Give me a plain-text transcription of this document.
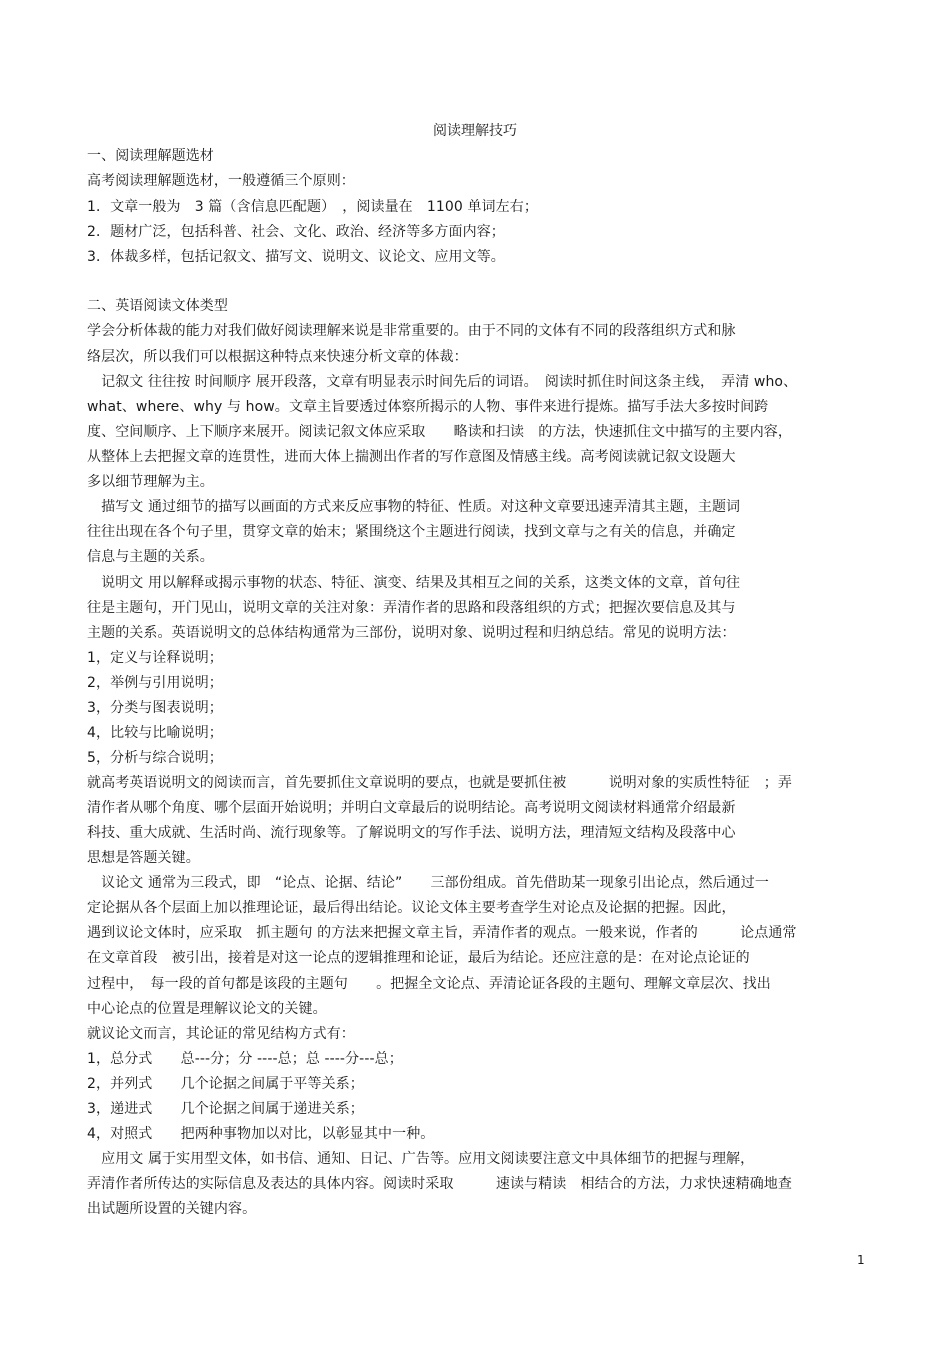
阅读理解技巧
一、阅读理解题选材
高考阅读理解题选材，一般遵循三个原则：
1．文章一般为　3 篇（含信息匹配题）　，阅读量在　1100 单词左右；
2．题材广泛，包括科普、社会、文化、政治、经济等多方面内容；
3．体裁多样，包括记叙文、描写文、说明文、议论文、应用文等。
二、英语阅读文体类型
学会分析体裁的能力对我们做好阅读理解来说是非常重要的。由于不同的文体有不同的段落组织方式和脉
络层次，所以我们可以根据这种特点来快速分析文章的体裁：
　记叙文 往往按 时间顺序 展开段落，文章有明显表示时间先后的词语。　阅读时抓住时间这条主线，　弄清 who、
what、where、why 与 how。文章主旨要透过体察所揭示的人物、事件来进行提炼。描写手法大多按时间跨
度、空间顺序、上下顺序来展开。阅读记叙文体应采取　　略读和扫读　的方法，快速抓住文中描写的主要内容，
从整体上去把握文章的连贯性，进而大体上揣测出作者的写作意图及情感主线。高考阅读就记叙文设题大
多以细节理解为主。
　描写文 通过细节的描写以画面的方式来反应事物的特征、性质。对这种文章要迅速弄清其主题，主题词
往往出现在各个句子里，贯穿文章的始末；紧围绕这个主题进行阅读，找到文章与之有关的信息，并确定
信息与主题的关系。
　说明文 用以解释或揭示事物的状态、特征、演变、结果及其相互之间的关系，这类文体的文章，首句往
往是主题句，开门见山，说明文章的关注对象：弄清作者的思路和段落组织的方式；把握次要信息及其与
主题的关系。英语说明文的总体结构通常为三部份，说明对象、说明过程和归纳总结。常见的说明方法：
1，定义与诠释说明；
2，举例与引用说明；
3，分类与图表说明；
4，比较与比喻说明；
5，分析与综合说明；
就高考英语说明文的阅读而言，首先要抓住文章说明的要点，也就是要抓住被　　　说明对象的实质性特征　；弄
清作者从哪个角度、哪个层面开始说明；并明白文章最后的说明结论。高考说明文阅读材料通常介绍最新
科技、重大成就、生活时尚、流行现象等。了解说明文的写作手法、说明方法，理清短文结构及段落中心
思想是答题关键。
　议论文 通常为三段式，即　“论点、论据、结论”　　三部份组成。首先借助某一现象引出论点，然后通过一
定论据从各个层面上加以推理论证，最后得出结论。议论文体主要考查学生对论点及论据的把握。因此，
遇到议论文体时，应采取　抓主题句 的方法来把握文章主旨，弄清作者的观点。一般来说，作者的　　　论点通常
在文章首段　被引出，接着是对这一论点的逻辑推理和论证，最后为结论。还应注意的是：在对论点论证的
过程中，　每一段的首句都是该段的主题句　　。把握全文论点、弄清论证各段的主题句、理解文章层次、找出
中心论点的位置是理解议论文的关键。
就议论文而言，其论证的常见结构方式有：
1，总分式　　总---分；分 ----总；总 ----分---总；
2，并列式　　几个论据之间属于平等关系；
3，递进式　　几个论据之间属于递进关系；
4，对照式　　把两种事物加以对比，以彰显其中一种。
　应用文 属于实用型文体，如书信、通知、日记、广告等。应用文阅读要注意文中具体细节的把握与理解，
弄清作者所传达的实际信息及表达的具体内容。阅读时采取　　　速读与精读　相结合的方法，力求快速精确地查
出试题所设置的关键内容。
1
